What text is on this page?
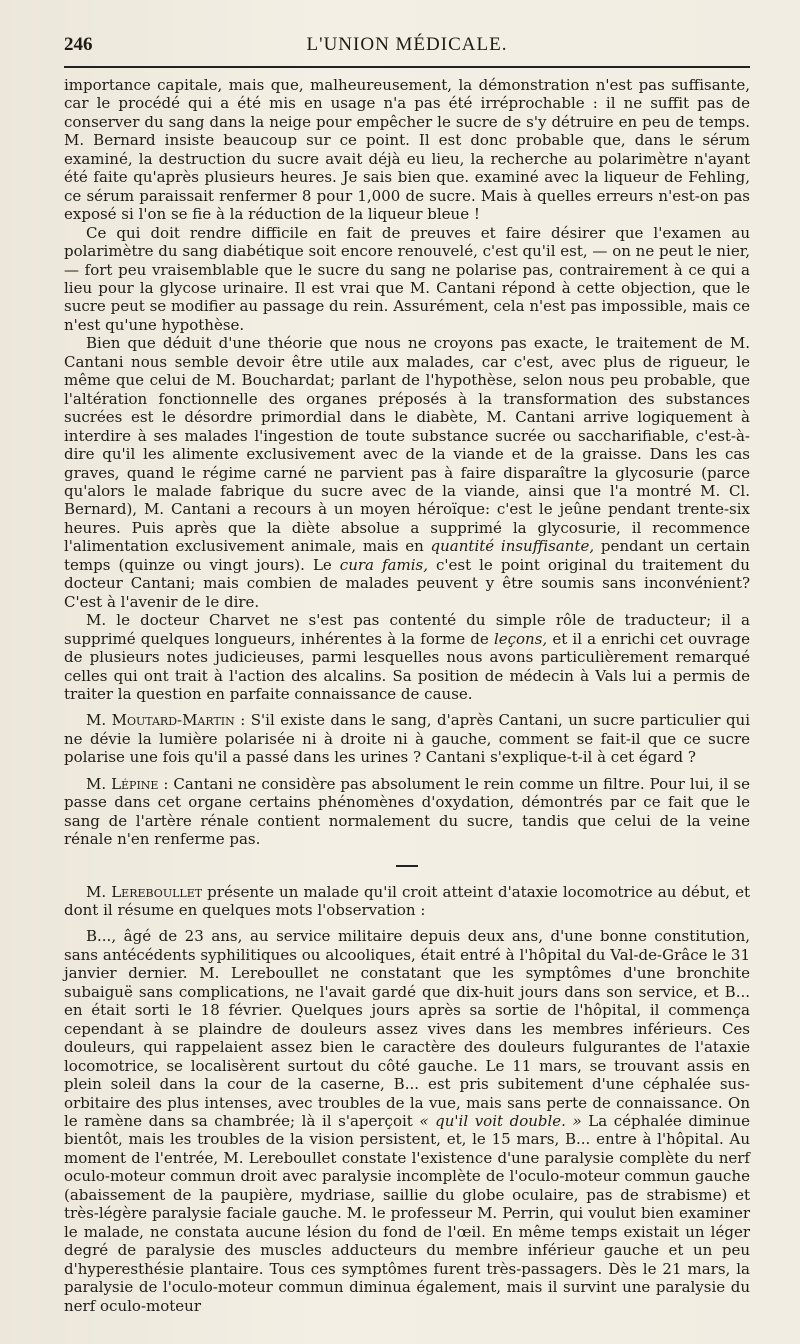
246	L'UNION MÉDICALE.

importance capitale, mais que, malheureusement, la démonstration n'est pas suffisante, car le procédé qui a été mis en usage n'a pas été irréprochable : il ne suffit pas de conserver du sang dans la neige pour empêcher le sucre de s'y détruire en peu de temps. M. Bernard insiste beaucoup sur ce point. Il est donc probable que, dans le sérum examiné, la destruction du sucre avait déjà eu lieu, la recherche au polarimètre n'ayant été faite qu'après plusieurs heures. Je sais bien que. examiné avec la liqueur de Fehling, ce sérum paraissait renfermer 8 pour 1,000 de sucre. Mais à quelles erreurs n'est-on pas exposé si l'on se fie à la réduction de la liqueur bleue !

Ce qui doit rendre difficile en fait de preuves et faire désirer que l'examen au polarimètre du sang diabétique soit encore renouvelé, c'est qu'il est, — on ne peut le nier, — fort peu vraisemblable que le sucre du sang ne polarise pas, contrairement à ce qui a lieu pour la glycose urinaire. Il est vrai que M. Cantani répond à cette objection, que le sucre peut se modifier au passage du rein. Assurément, cela n'est pas impossible, mais ce n'est qu'une hypothèse.

Bien que déduit d'une théorie que nous ne croyons pas exacte, le traitement de M. Cantani nous semble devoir être utile aux malades, car c'est, avec plus de rigueur, le même que celui de M. Bouchardat; parlant de l'hypothèse, selon nous peu probable, que l'altération fonctionnelle des organes préposés à la transformation des substances sucrées est le désordre primordial dans le diabète, M. Cantani arrive logiquement à interdire à ses malades l'ingestion de toute substance sucrée ou saccharifiable, c'est-à-dire qu'il les alimente exclusivement avec de la viande et de la graisse. Dans les cas graves, quand le régime carné ne parvient pas à faire disparaître la glycosurie (parce qu'alors le malade fabrique du sucre avec de la viande, ainsi que l'a montré M. Cl. Bernard), M. Cantani a recours à un moyen héroïque: c'est le jeûne pendant trente-six heures. Puis après que la diète absolue a supprimé la glycosurie, il recommence l'alimentation exclusivement animale, mais en quantité insuffisante, pendant un certain temps (quinze ou vingt jours). Le cura famis, c'est le point original du traitement du docteur Cantani; mais combien de malades peuvent y être soumis sans inconvénient? C'est à l'avenir de le dire.

M. le docteur Charvet ne s'est pas contenté du simple rôle de traducteur; il a supprimé quelques longueurs, inhérentes à la forme de leçons, et il a enrichi cet ouvrage de plusieurs notes judicieuses, parmi lesquelles nous avons particulièrement remarqué celles qui ont trait à l'action des alcalins. Sa position de médecin à Vals lui a permis de traiter la question en parfaite connaissance de cause.

M. Moutard-Martin : S'il existe dans le sang, d'après Cantani, un sucre particulier qui ne dévie la lumière polarisée ni à droite ni à gauche, comment se fait-il que ce sucre polarise une fois qu'il a passé dans les urines ? Cantani s'explique-t-il à cet égard ?

M. Lépine : Cantani ne considère pas absolument le rein comme un filtre. Pour lui, il se passe dans cet organe certains phénomènes d'oxydation, démontrés par ce fait que le sang de l'artère rénale contient normalement du sucre, tandis que celui de la veine rénale n'en renferme pas.

M. Lereboullet présente un malade qu'il croit atteint d'ataxie locomotrice au début, et dont il résume en quelques mots l'observation :

B..., âgé de 23 ans, au service militaire depuis deux ans, d'une bonne constitution, sans antécédents syphilitiques ou alcooliques, était entré à l'hôpital du Val-de-Grâce le 31 janvier dernier. M. Lereboullet ne constatant que les symptômes d'une bronchite subaiguë sans complications, ne l'avait gardé que dix-huit jours dans son service, et B... en était sorti le 18 février. Quelques jours après sa sortie de l'hôpital, il commença cependant à se plaindre de douleurs assez vives dans les membres inférieurs. Ces douleurs, qui rappelaient assez bien le caractère des douleurs fulgurantes de l'ataxie locomotrice, se localisèrent surtout du côté gauche. Le 11 mars, se trouvant assis en plein soleil dans la cour de la caserne, B... est pris subitement d'une céphalée sus-orbitaire des plus intenses, avec troubles de la vue, mais sans perte de connaissance. On le ramène dans sa chambrée; là il s'aperçoit « qu'il voit double. » La céphalée diminue bientôt, mais les troubles de la vision persistent, et, le 15 mars, B... entre à l'hôpital. Au moment de l'entrée, M. Lereboullet constate l'existence d'une paralysie complète du nerf oculo-moteur commun droit avec paralysie incomplète de l'oculo-moteur commun gauche (abaissement de la paupière, mydriase, saillie du globe oculaire, pas de strabisme) et très-légère paralysie faciale gauche. M. le professeur M. Perrin, qui voulut bien examiner le malade, ne constata aucune lésion du fond de l'œil. En même temps existait un léger degré de paralysie des muscles adducteurs du membre inférieur gauche et un peu d'hyperesthésie plantaire. Tous ces symptômes furent très-passagers. Dès le 21 mars, la paralysie de l'oculo-moteur commun diminua également, mais il survint une paralysie du nerf oculo-moteur
